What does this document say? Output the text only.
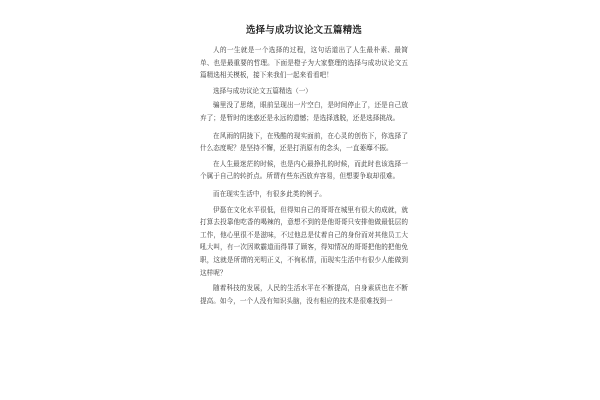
选择与成功议论文五篇精选

人的一生就是一个选择的过程，这句话道出了人生最朴素、最简单、也是最重要的哲理。下面是橙子为大家整理的选择与成功议论文五篇精选相关模板，接下来我们一起来看看吧！

选择与成功议论文五篇精选（一）

骗里没了思绪，眼前呈现出一片空白，是时间停止了，还是自己放弃了；是暂时的迷惑还是永远的遗憾；是选择逃脱，还是选择挑战。

在风雨的阴拢下，在残酷的现实面前，在心灵的创伤下，你选择了什么态度呢？是坚持不懈，还是打消原有的念头，一直萎靡不振。

在人生最迷茫的时候，也是内心最挣扎的时候，而此时也该选择一个属于自己的转折点。所谓有些东西放弃容易，但想要争取却很难。

而在现实生活中，有很多此类的例子。

伊磊在文化水平很低，但得知自己的哥哥在城里有很大的成就，就打算去投靠他吃香的喝辣的，意想不到的是他哥哥只安排他做最低层的工作，他心里很不是滋味，不过他总是仗着自己的身份而对其他员工大吼大叫，有一次因欺霸道而得罪了顾客，得知情况的哥哥把他的把他免职，这就是所谓的光明正义，不徇私情，而现实生活中有很少人能做到这样呢？

随着科技的发展，人民的生活水平在不断提高，自身素质也在不断提高。如今，一个人没有知识头脑，没有相应的技术是很难找到一
